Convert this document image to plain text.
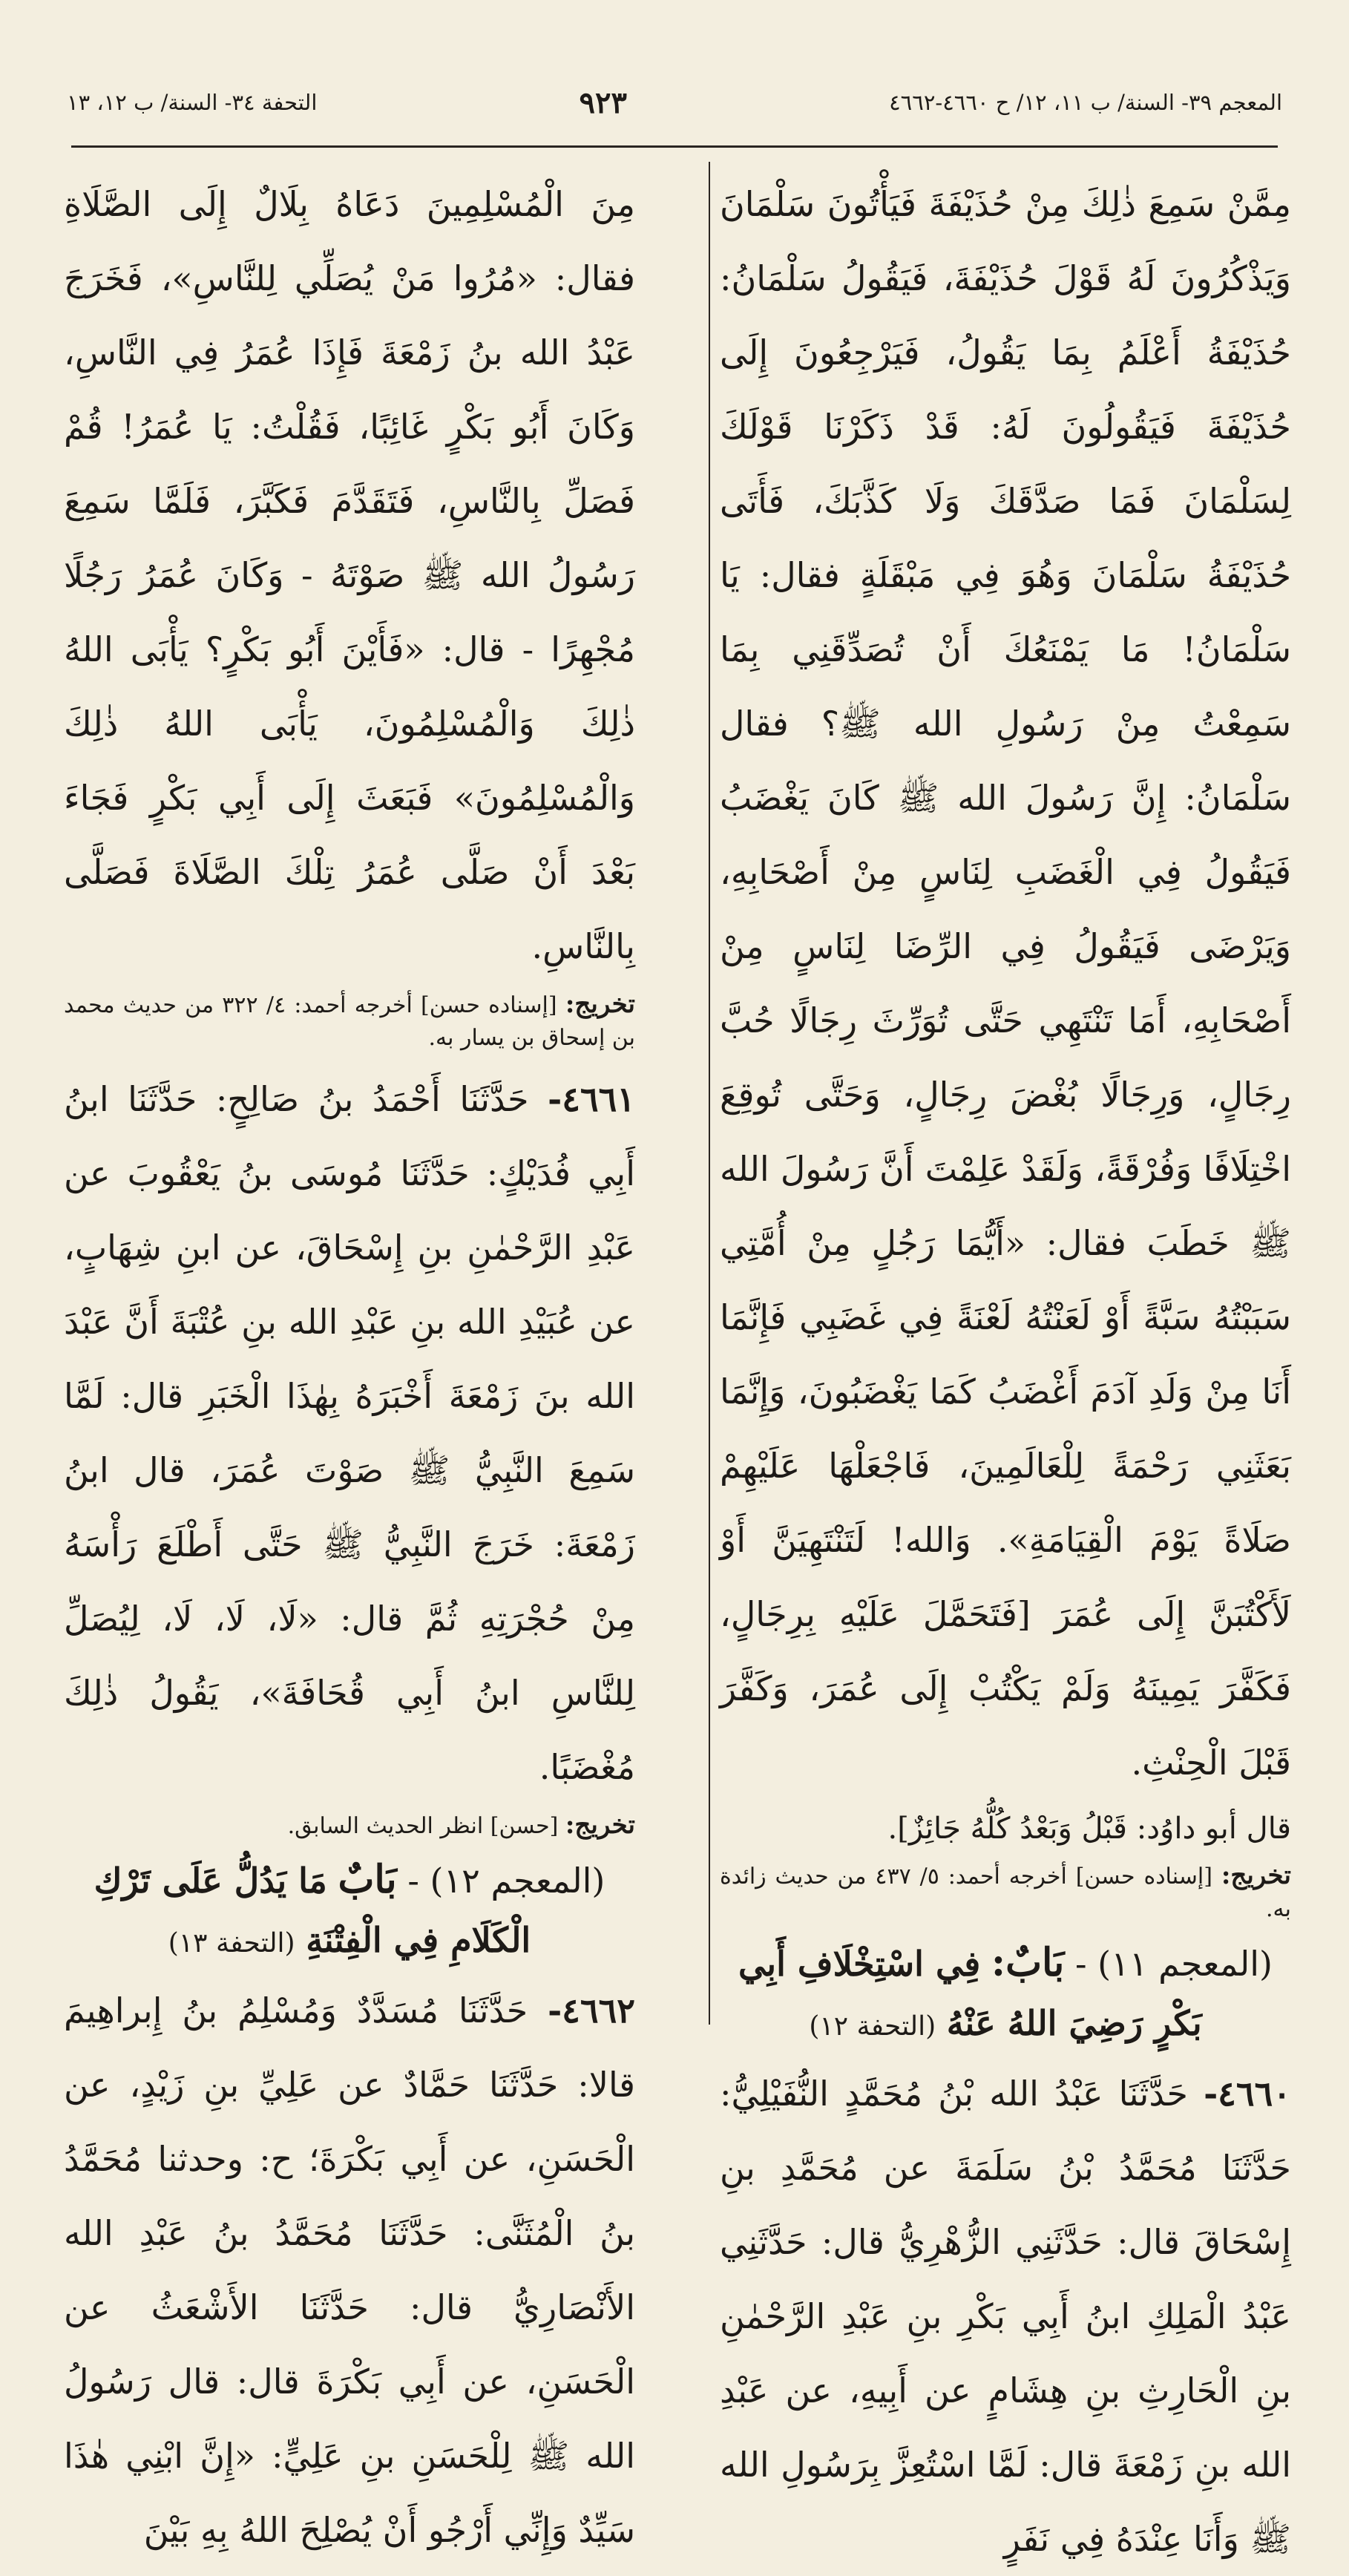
المعجم ٣٩- السنة/ ب ١١، ١٢/ ح ٤٦٦٠-٤٦٦٢
٩٢٣
التحفة ٣٤- السنة/ ب ١٢، ١٣

مِمَّنْ سَمِعَ ذٰلِكَ مِنْ حُذَيْفَةَ فَيَأْتُونَ سَلْمَانَ وَيَذْكُرُونَ لَهُ قَوْلَ حُذَيْفَةَ، فَيَقُولُ سَلْمَانُ: حُذَيْفَةُ أَعْلَمُ بِمَا يَقُولُ، فَيَرْجِعُونَ إِلَى حُذَيْفَةَ فَيَقُولُونَ لَهُ: قَدْ ذَكَرْنَا قَوْلَكَ لِسَلْمَانَ فَمَا صَدَّقَكَ وَلَا كَذَّبَكَ، فَأَتَى حُذَيْفَةُ سَلْمَانَ وَهُوَ فِي مَبْقَلَةٍ فقال: يَا سَلْمَانُ! مَا يَمْنَعُكَ أَنْ تُصَدِّقَنِي بِمَا سَمِعْتُ مِنْ رَسُولِ الله ﷺ؟ فقال سَلْمَانُ: إِنَّ رَسُولَ الله ﷺ كَانَ يَغْضَبُ فَيَقُولُ فِي الْغَضَبِ لِنَاسٍ مِنْ أَصْحَابِهِ، وَيَرْضَى فَيَقُولُ فِي الرِّضَا لِنَاسٍ مِنْ أَصْحَابِهِ، أَمَا تَنْتَهِي حَتَّى تُوَرِّثَ رِجَالًا حُبَّ رِجَالٍ، وَرِجَالًا بُغْضَ رِجَالٍ، وَحَتَّى تُوقِعَ اخْتِلَافًا وَفُرْقَةً، وَلَقَدْ عَلِمْتَ أَنَّ رَسُولَ الله ﷺ خَطَبَ فقال: «أَيُّمَا رَجُلٍ مِنْ أُمَّتِي سَبَبْتُهُ سَبَّةً أَوْ لَعَنْتُهُ لَعْنَةً فِي غَضَبِي فَإِنَّمَا أَنَا مِنْ وَلَدِ آدَمَ أَغْضَبُ كَمَا يَغْضَبُونَ، وَإِنَّمَا بَعَثَنِي رَحْمَةً لِلْعَالَمِينَ، فَاجْعَلْهَا عَلَيْهِمْ صَلَاةً يَوْمَ الْقِيَامَةِ». وَالله! لَتَنْتَهِيَنَّ أَوْ لَأَكْتُبَنَّ إِلَى عُمَرَ [فَتَحَمَّلَ عَلَيْهِ بِرِجَالٍ، فَكَفَّرَ يَمِينَهُ وَلَمْ يَكْتُبْ إِلَى عُمَرَ، وَكَفَّرَ قَبْلَ الْحِنْثِ.

قال أبو داوُد: قَبْلُ وَبَعْدُ كُلُّهُ جَائِزٌ].

تخريج: [إسناده حسن] أخرجه أحمد: ٥/ ٤٣٧ من حديث زائدة به.

(المعجم ١١) - بَابٌ: فِي اسْتِخْلَافِ أَبِي بَكْرٍ رَضِيَ اللهُ عَنْهُ (التحفة ١٢)

٤٦٦٠- حَدَّثَنَا عَبْدُ الله بْنُ مُحَمَّدٍ النُّفَيْلِيُّ: حَدَّثَنَا مُحَمَّدُ بْنُ سَلَمَةَ عن مُحَمَّدِ بنِ إِسْحَاقَ قال: حَدَّثَنِي الزُّهْرِيُّ قال: حَدَّثَنِي عَبْدُ الْمَلِكِ ابنُ أَبِي بَكْرِ بنِ عَبْدِ الرَّحْمٰنِ بنِ الْحَارِثِ بنِ هِشَامٍ عن أَبِيهِ، عن عَبْدِ الله بنِ زَمْعَةَ قال: لَمَّا اسْتُعِزَّ بِرَسُولِ الله ﷺ وَأَنَا عِنْدَهُ فِي نَفَرٍ

مِنَ الْمُسْلِمِينَ دَعَاهُ بِلَالٌ إِلَى الصَّلَاةِ فقال: «مُرُوا مَنْ يُصَلِّي لِلنَّاسِ»، فَخَرَجَ عَبْدُ الله بنُ زَمْعَةَ فَإِذَا عُمَرُ فِي النَّاسِ، وَكَانَ أَبُو بَكْرٍ غَائِبًا، فَقُلْتُ: يَا عُمَرُ! قُمْ فَصَلِّ بِالنَّاسِ، فَتَقَدَّمَ فَكَبَّرَ، فَلَمَّا سَمِعَ رَسُولُ الله ﷺ صَوْتَهُ - وَكَانَ عُمَرُ رَجُلًا مُجْهِرًا - قال: «فَأَيْنَ أَبُو بَكْرٍ؟ يَأْبَى اللهُ ذٰلِكَ وَالْمُسْلِمُونَ، يَأْبَى اللهُ ذٰلِكَ وَالْمُسْلِمُونَ» فَبَعَثَ إِلَى أَبِي بَكْرٍ فَجَاءَ بَعْدَ أَنْ صَلَّى عُمَرُ تِلْكَ الصَّلَاةَ فَصَلَّى بِالنَّاسِ.

تخريج: [إسناده حسن] أخرجه أحمد: ٤/ ٣٢٢ من حديث محمد بن إسحاق بن يسار به.

٤٦٦١- حَدَّثَنَا أَحْمَدُ بنُ صَالِحٍ: حَدَّثَنَا ابنُ أَبِي فُدَيْكٍ: حَدَّثَنَا مُوسَى بنُ يَعْقُوبَ عن عَبْدِ الرَّحْمٰنِ بنِ إِسْحَاقَ، عن ابنِ شِهَابٍ، عن عُبَيْدِ الله بنِ عَبْدِ الله بنِ عُتْبَةَ أَنَّ عَبْدَ الله بنَ زَمْعَةَ أَخْبَرَهُ بِهٰذَا الْخَبَرِ قال: لَمَّا سَمِعَ النَّبِيُّ ﷺ صَوْتَ عُمَرَ، قال ابنُ زَمْعَةَ: خَرَجَ النَّبِيُّ ﷺ حَتَّى أَطْلَعَ رَأْسَهُ مِنْ حُجْرَتِهِ ثُمَّ قال: «لَا، لَا، لَا، لِيُصَلِّ لِلنَّاسِ ابنُ أَبِي قُحَافَةَ»، يَقُولُ ذٰلِكَ مُغْضَبًا.

تخريج: [حسن] انظر الحديث السابق.

(المعجم ١٢) - بَابٌ مَا يَدُلُّ عَلَى تَرْكِ الْكَلَامِ فِي الْفِتْنَةِ (التحفة ١٣)

٤٦٦٢- حَدَّثَنَا مُسَدَّدٌ وَمُسْلِمُ بنُ إِبراهِيمَ قالا: حَدَّثَنَا حَمَّادٌ عن عَلِيِّ بنِ زَيْدٍ، عن الْحَسَنِ، عن أَبِي بَكْرَةَ؛ ح: وحدثنا مُحَمَّدُ بنُ الْمُثَنَّى: حَدَّثَنَا مُحَمَّدُ بنُ عَبْدِ الله الأَنْصَارِيُّ قال: حَدَّثَنَا الأَشْعَثُ عن الْحَسَنِ، عن أَبِي بَكْرَةَ قال: قال رَسُولُ الله ﷺ لِلْحَسَنِ بنِ عَلِيٍّ: «إِنَّ ابْنِي هٰذَا سَيِّدٌ وَإِنِّي أَرْجُو أَنْ يُصْلِحَ اللهُ بِهِ بَيْنَ
